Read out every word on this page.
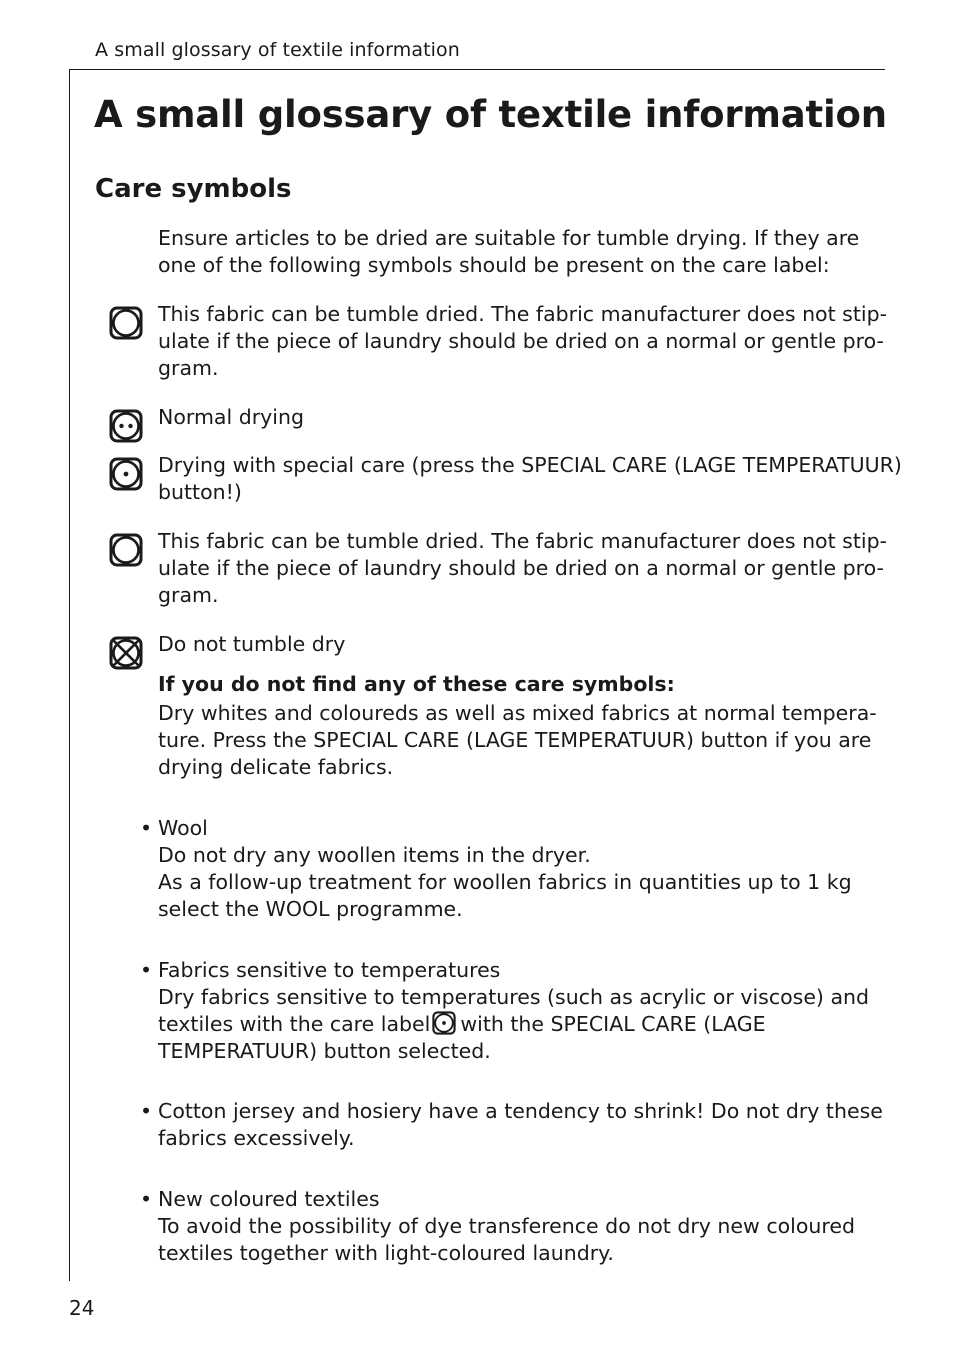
A small glossary of textile information
A small glossary of textile information
Care symbols
Ensure articles to be dried are suitable for tumble drying. If they are
one of the following symbols should be present on the care label:
This fabric can be tumble dried. The fabric manufacturer does not stip-
ulate if the piece of laundry should be dried on a normal or gentle pro-
gram.
Normal drying
Drying with special care (press the SPECIAL CARE (LAGE TEMPERATUUR)
button!)
This fabric can be tumble dried. The fabric manufacturer does not stip-
ulate if the piece of laundry should be dried on a normal or gentle pro-
gram.
Do not tumble dry
If you do not find any of these care symbols:
Dry whites and coloureds as well as mixed fabrics at normal tempera-
ture. Press the SPECIAL CARE (LAGE TEMPERATUUR) button if you are
drying delicate fabrics.
• Wool
Do not dry any woollen items in the dryer.
As a follow-up treatment for woollen fabrics in quantities up to 1 kg
select the WOOL programme.
• Fabrics sensitive to temperatures
Dry fabrics sensitive to temperatures (such as acrylic or viscose) and
textiles with the care label with the SPECIAL CARE (LAGE
TEMPERATUUR) button selected.
• Cotton jersey and hosiery have a tendency to shrink! Do not dry these
fabrics excessively.
• New coloured textiles
To avoid the possibility of dye transference do not dry new coloured
textiles together with light-coloured laundry.
24
